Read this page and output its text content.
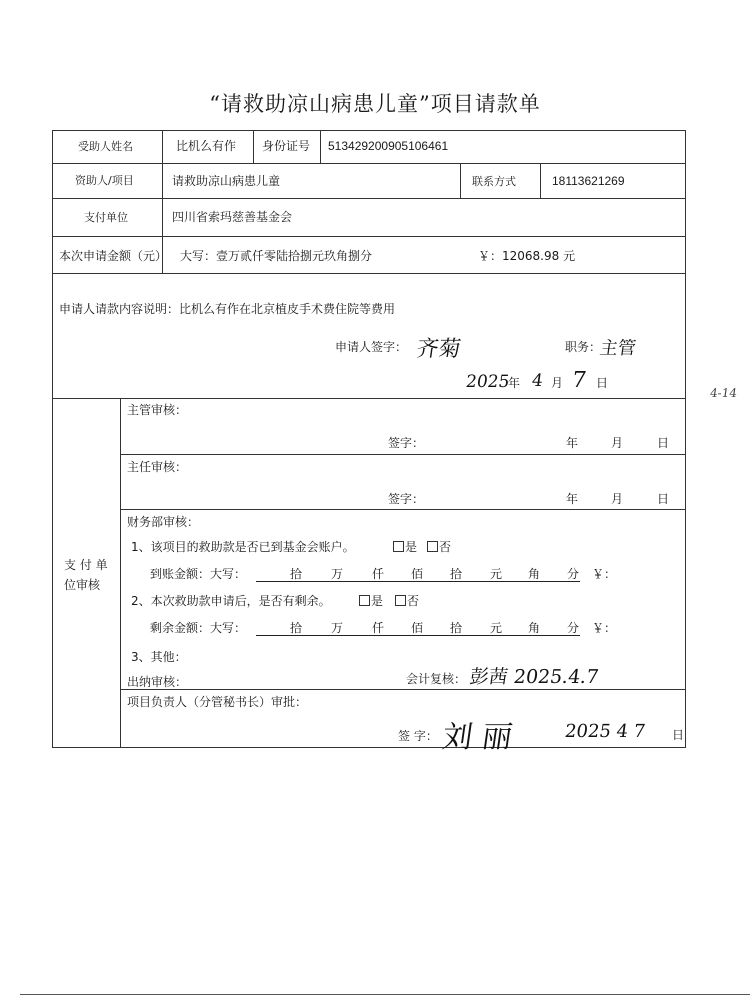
“请救助凉山病患儿童”项目请款单
受助人姓名	比机么有作 身份证号 513429200905106461
资助人/项目	请救助凉山病患儿童	联系方式	18113621269
支付单位	四川省索玛慈善基金会
本次申请金额（元） 大写：壹万贰仟零陆拾捌元玖角捌分	￥：12068.98 元
申请人请款内容说明：比机么有作在北京植皮手术费住院等费用
申请人签字： 齐菊	职务：
主管
2025
年 4 月 7 日
4-14
支 付 单
位审核
主管审核：
签字：	年	月	日
主任审核：
签字：	年	月	日
财务部审核：
1、该项目的救助款是否已到基金会账户。	是	否
到账金额：大写：	拾 万 仟 佰 拾 元 角 分 ￥：
2、本次救助款申请后，是否有剩余。	是	否
剩余金额：大写：	拾 万 仟 佰 拾 元 角 分 ￥：
3、其他：
出纳审核：	会计复核： 彭茜 2025.4.7
项目负责人（分管秘书长）审批：
签 字： 刘 丽	2025 4 7 日
